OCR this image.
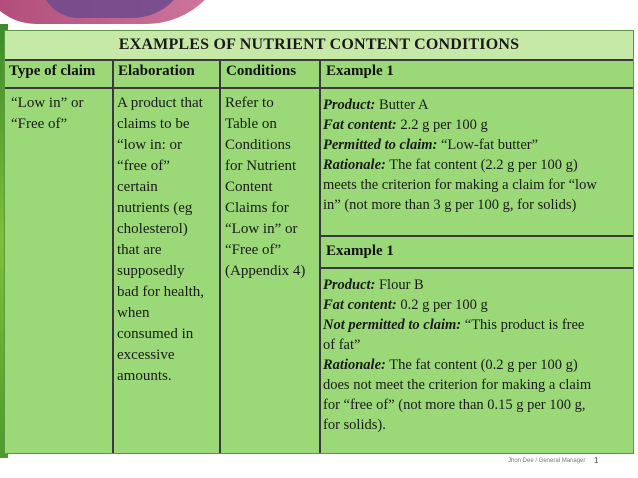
EXAMPLES OF NUTRIENT CONTENT CONDITIONS
Type of claim Elaboration Conditions Example 1
“Low in” or
“Free of”
A product that
claims to be
“low in: or
“free of”
certain
nutrients (eg
cholesterol)
that are
supposedly
bad for health,
when
consumed in
excessive
amounts.
Refer to
Table on
Conditions
for Nutrient
Content
Claims for
“Low in” or
“Free of”
(Appendix 4)
Product: Butter A
Fat content: 2.2 g per 100 g
Permitted to claim: “Low-fat butter”
Rationale: The fat content (2.2 g per 100 g)
meets the criterion for making a claim for “low
in” (not more than 3 g per 100 g, for solids)
Example 1
Product: Flour B
Fat content: 0.2 g per 100 g
Not permitted to claim: “This product is free
of fat”
Rationale: The fat content (0.2 g per 100 g)
does not meet the criterion for making a claim
for “free of” (not more than 0.15 g per 100 g,
for solids).
Jhon Dee / General Manager 1
